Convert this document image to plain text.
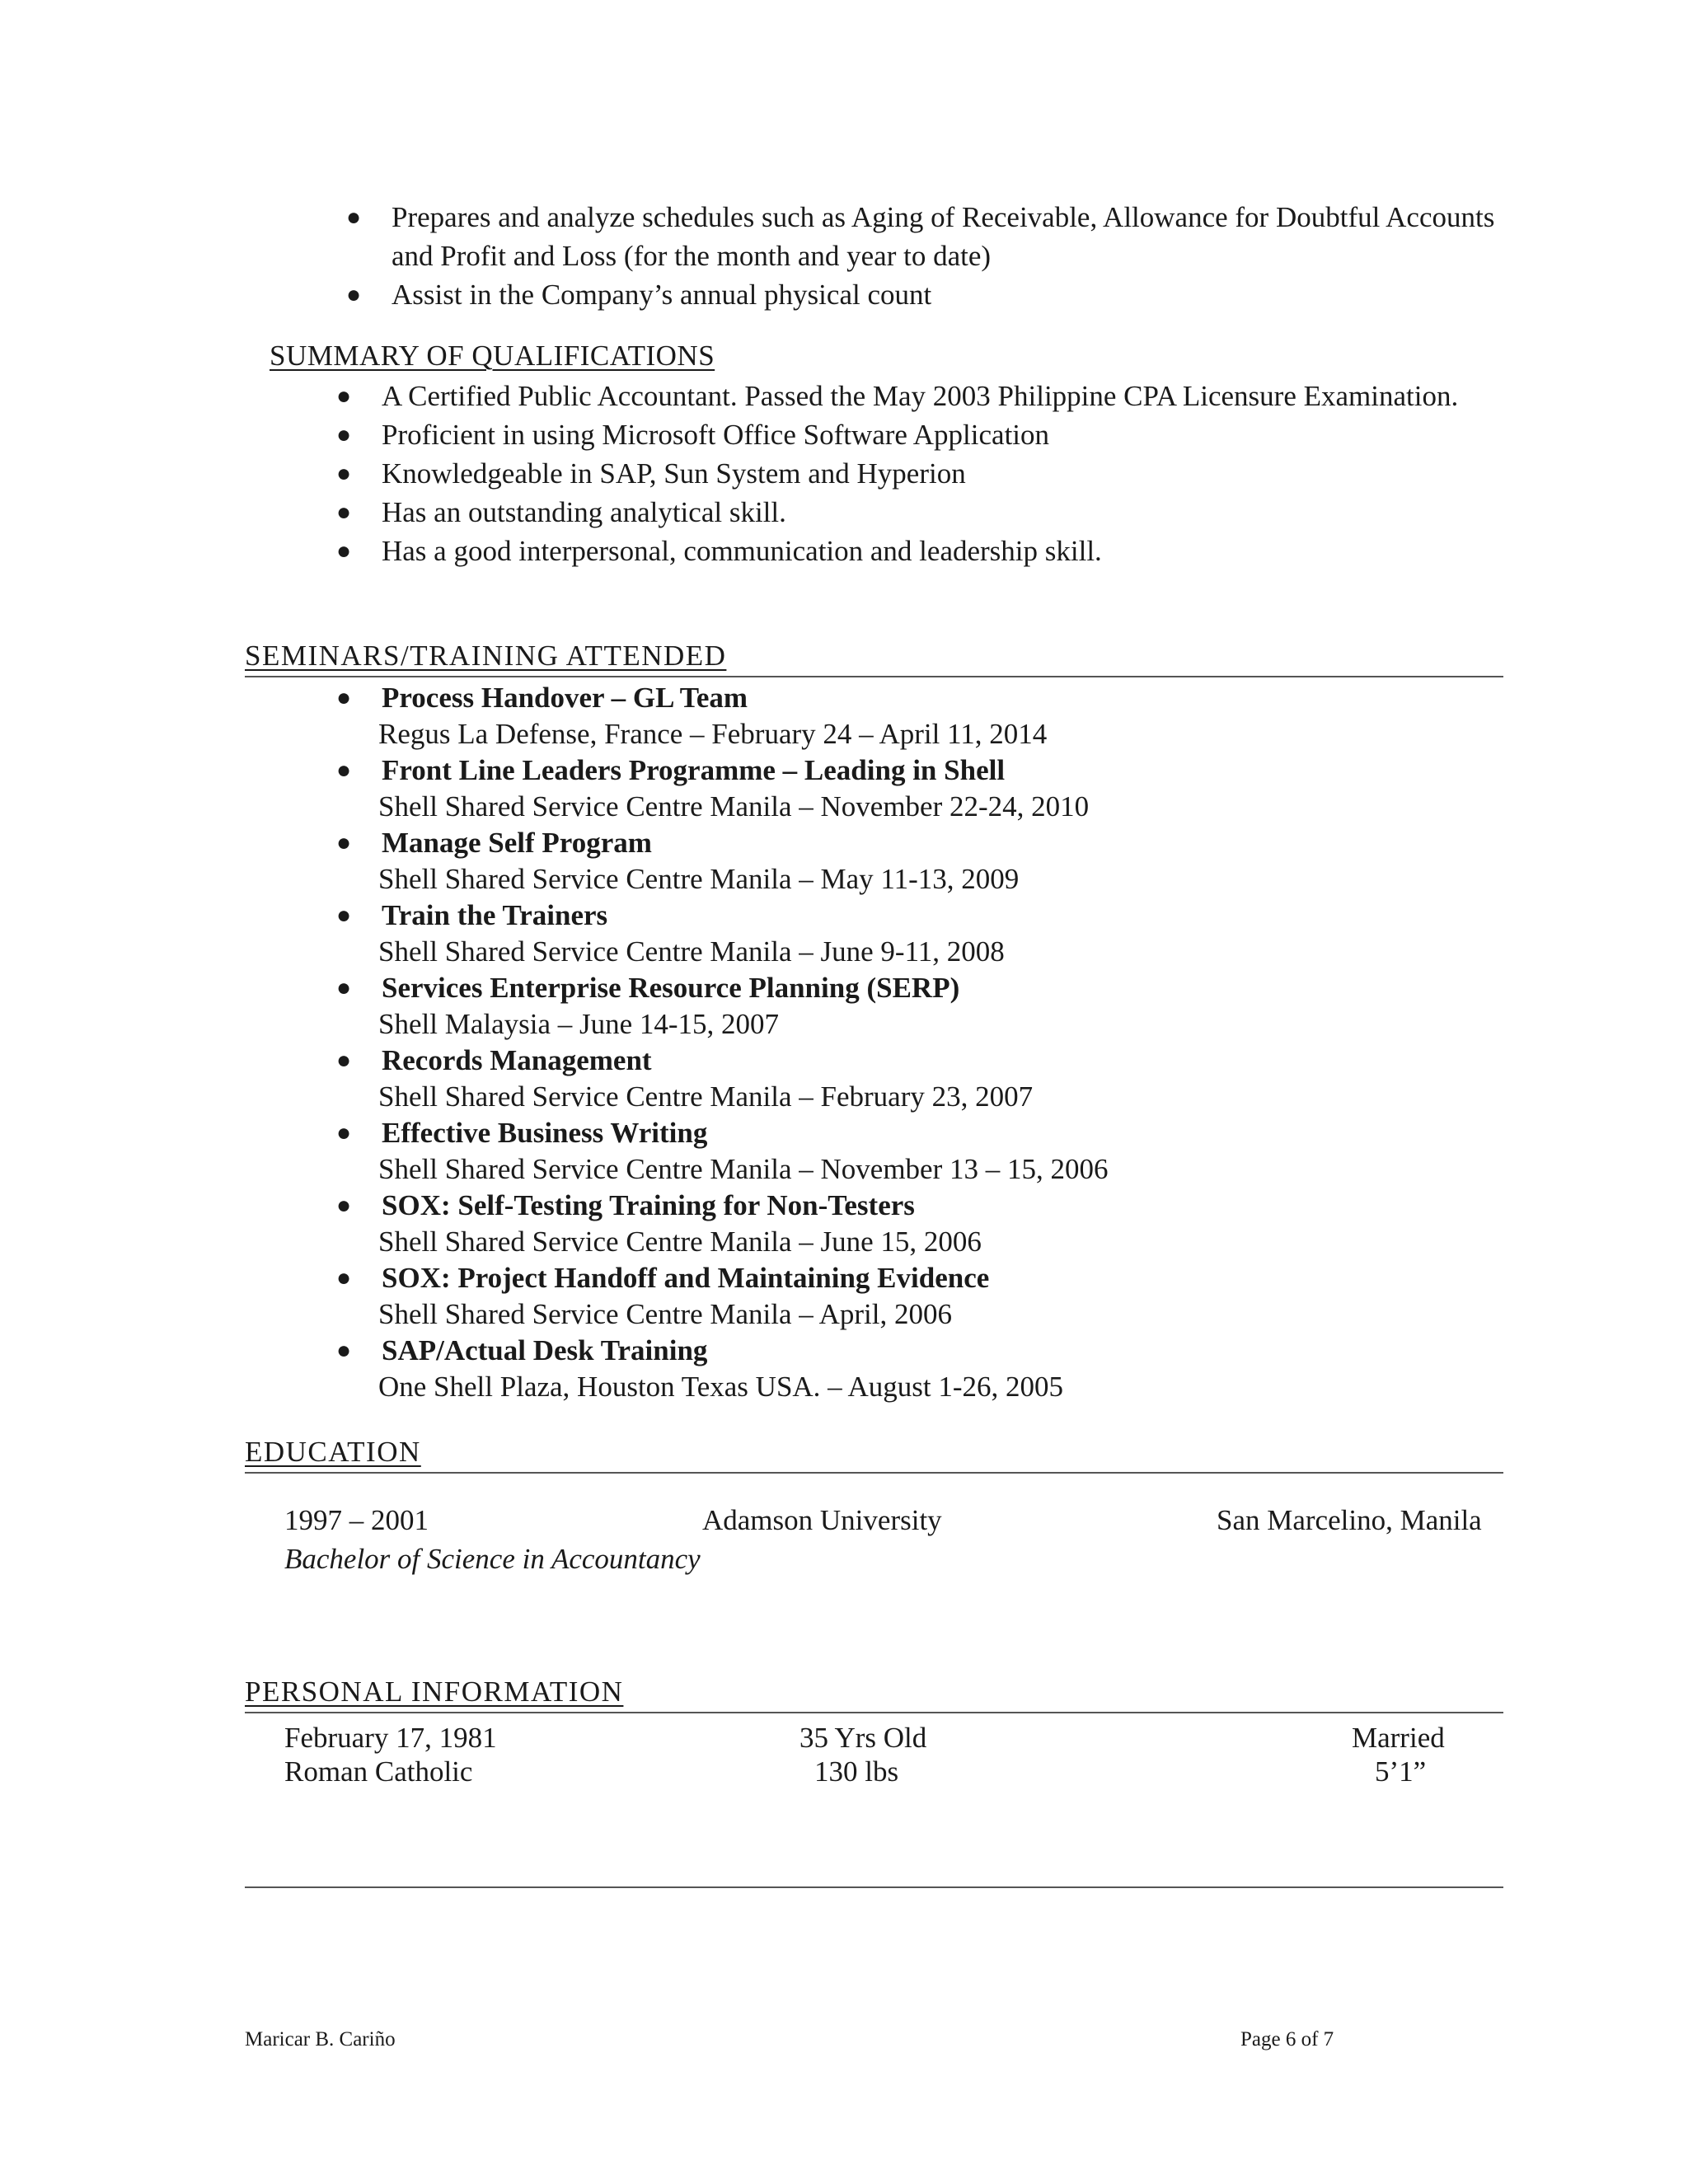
● Prepares and analyze schedules such as Aging of Receivable, Allowance for Doubtful Accounts and Profit and Loss (for the month and year to date)
● Assist in the Company’s annual physical count
SUMMARY OF QUALIFICATIONS
● A Certified Public Accountant. Passed the May 2003 Philippine CPA Licensure Examination.
● Proficient in using Microsoft Office Software Application
● Knowledgeable in SAP, Sun System and Hyperion
● Has an outstanding analytical skill.
● Has a good interpersonal, communication and leadership skill.
SEMINARS/TRAINING ATTENDED
● Process Handover – GL Team
Regus La Defense, France – February 24 – April 11, 2014
● Front Line Leaders Programme – Leading in Shell
Shell Shared Service Centre Manila – November 22-24, 2010
● Manage Self Program
Shell Shared Service Centre Manila – May 11-13, 2009
● Train the Trainers
Shell Shared Service Centre Manila – June 9-11, 2008
● Services Enterprise Resource Planning (SERP)
Shell Malaysia – June 14-15, 2007
● Records Management
Shell Shared Service Centre Manila – February 23, 2007
● Effective Business Writing
Shell Shared Service Centre Manila – November 13 – 15, 2006
● SOX: Self-Testing Training for Non-Testers
Shell Shared Service Centre Manila – June 15, 2006
● SOX: Project Handoff and Maintaining Evidence
Shell Shared Service Centre Manila – April, 2006
● SAP/Actual Desk Training
One Shell Plaza, Houston Texas USA. – August 1-26, 2005
EDUCATION
1997 – 2001	Adamson University	San Marcelino, Manila
Bachelor of Science in Accountancy
PERSONAL INFORMATION
February 17, 1981	35 Yrs Old	Married
Roman Catholic	130 lbs	5’1”
Maricar B. Cariño	Page 6 of 7
